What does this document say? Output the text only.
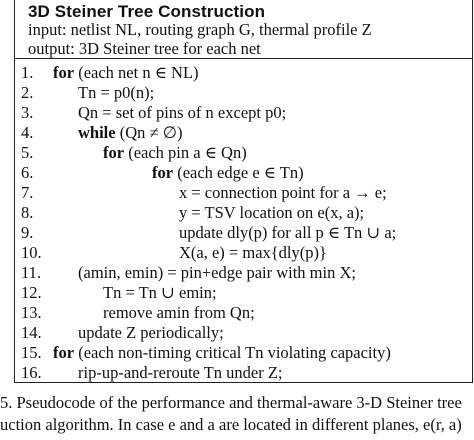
3D Steiner Tree Construction
input: netlist NL, routing graph G, thermal profile Z
output: 3D Steiner tree for each net
1.	for (each net n ∈ NL)
2.	Tn = p0(n);
3.	Qn = set of pins of n except p0;
4.	while (Qn ≠ ∅)
5.	for (each pin a ∈ Qn)
6.	for (each edge e ∈ Tn)
7.	x = connection point for a → e;
8.	y = TSV location on e(x, a);
9.	update dly(p) for all p ∈ Tn ∪ a;
10.	X(a, e) = max{dly(p)}
11.	(amin, emin) = pin+edge pair with min X;
12.	Tn = Tn ∪ emin;
13.	remove amin from Qn;
14.	update Z periodically;
15. for (each non-timing critical Tn violating capacity)
16.	rip-up-and-reroute Tn under Z;
5. Pseudocode of the performance and thermal-aware 3-D Steiner tree
uction algorithm. In case e and a are located in different planes, e(r, a)
